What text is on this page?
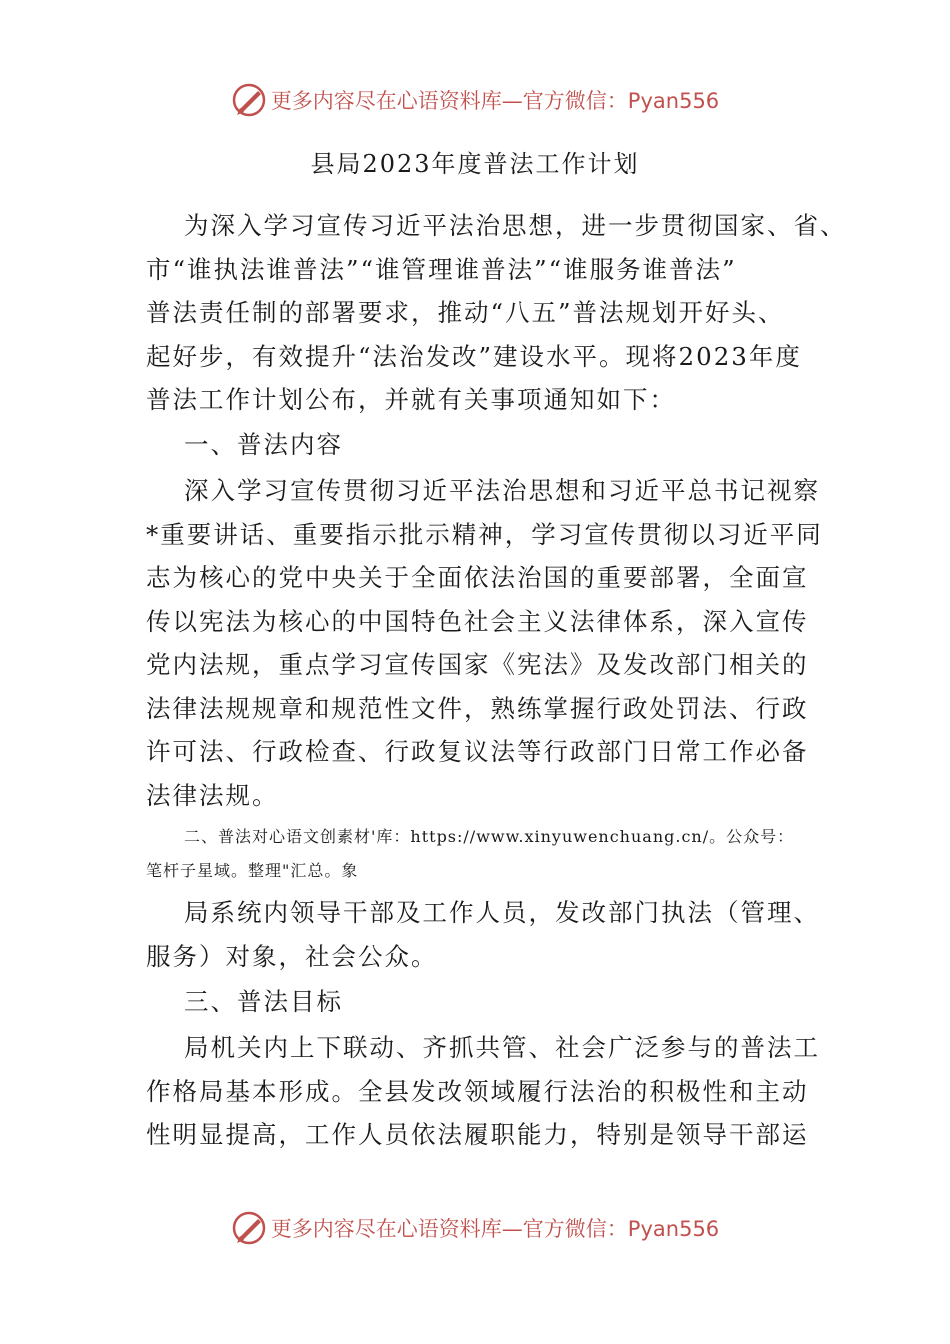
更多内容尽在心语资料库—官方微信：Pyan556
县局2023年度普法工作计划
为深入学习宣传习近平法治思想，进一步贯彻国家、省、
市“谁执法谁普法”“谁管理谁普法”“谁服务谁普法”
普法责任制的部署要求，推动“八五”普法规划开好头、
起好步，有效提升“法治发改”建设水平。现将2023年度
普法工作计划公布，并就有关事项通知如下：
一、普法内容
深入学习宣传贯彻习近平法治思想和习近平总书记视察
*重要讲话、重要指示批示精神，学习宣传贯彻以习近平同
志为核心的党中央关于全面依法治国的重要部署，全面宣
传以宪法为核心的中国特色社会主义法律体系，深入宣传
党内法规，重点学习宣传国家《宪法》及发改部门相关的
法律法规规章和规范性文件，熟练掌握行政处罚法、行政
许可法、行政检查、行政复议法等行政部门日常工作必备
法律法规。
二、普法对心语文创素材'库：https://www.xinyuwenchuang.cn/。公众号：
笔杆子星域。整理"汇总。象
局系统内领导干部及工作人员，发改部门执法（管理、
服务）对象，社会公众。
三、普法目标
局机关内上下联动、齐抓共管、社会广泛参与的普法工
作格局基本形成。全县发改领域履行法治的积极性和主动
性明显提高，工作人员依法履职能力，特别是领导干部运
更多内容尽在心语资料库—官方微信：Pyan556
